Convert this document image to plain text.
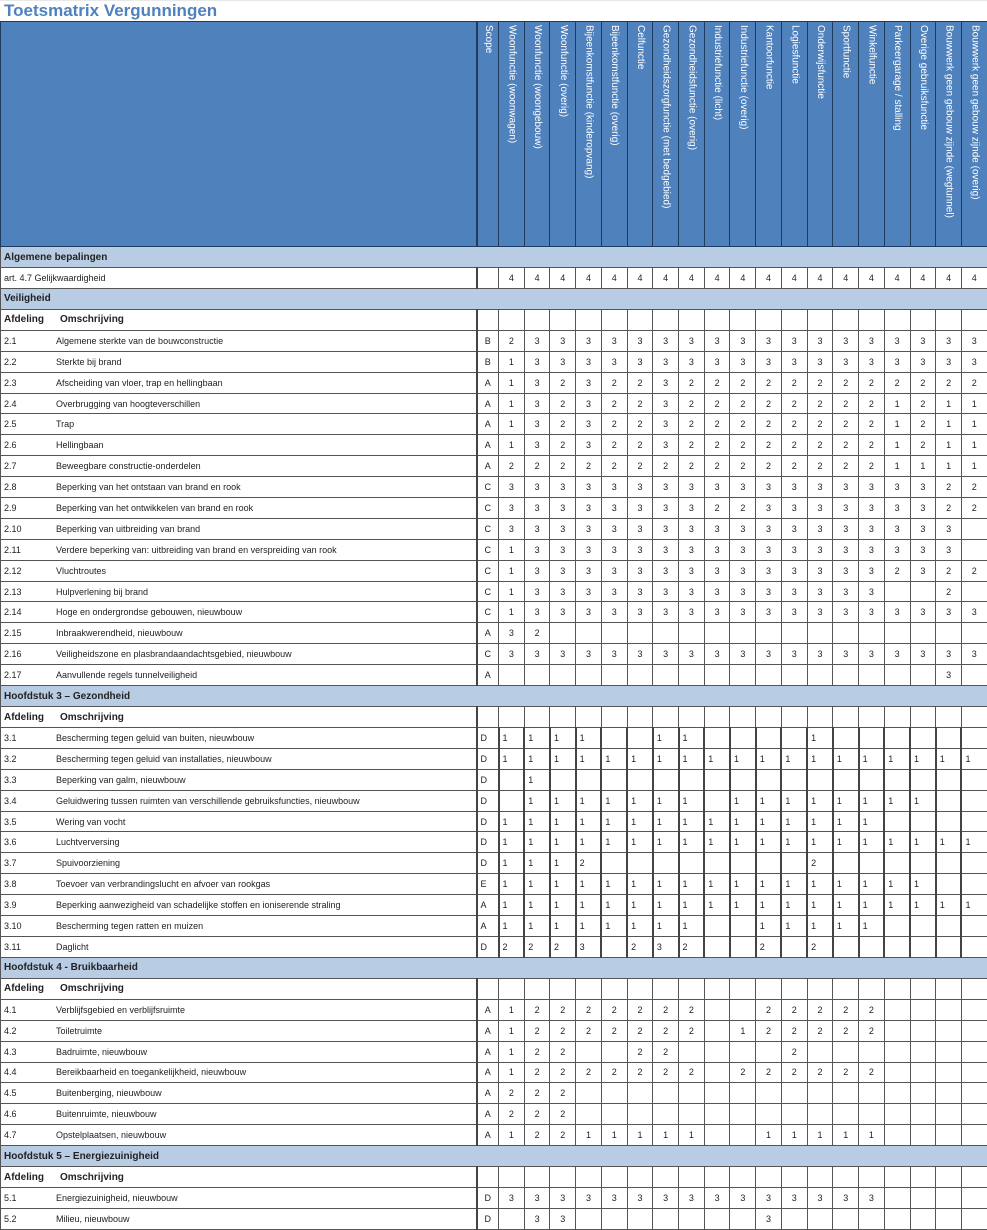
Toetsmatrix Vergunningen

	Scope	Woonfunctie (woonwagen)	Woonfunctie (woongebouw)	Woonfunctie (overig)	Bijeenkomstfunctie (kinderopvang)	Bijeenkomstfunctie (overig)	Celfunctie	Gezondheidszorgfunctie (met bedgebied)	Gezondheidsfunctie (overig)	Industriefunctie (licht)	Industriefunctie (overig)	Kantoorfunctie	Logiesfunctie	Onderwijsfunctie	Sportfunctie	Winkelfunctie	Parkeergarage / stalling	Overige gebruiksfunctie	Bouwwerk geen gebouw zijnde (wegtunnel)	Bouwwerk geen gebouw zijnde (overig)

Algemene bepalingen																				
art. 4.7 Gelijkwaardigheid		4	4	4	4	4	4	4	4	4	4	4	4	4	4	4	4	4	4	4
Veiligheid																				
Afdeling Omschrijving																				
2.1 Algemene sterkte van de bouwconstructie	B	2	3	3	3	3	3	3	3	3	3	3	3	3	3	3	3	3	3	3
2.2 Sterkte bij brand	B	1	3	3	3	3	3	3	3	3	3	3	3	3	3	3	3	3	3	3
2.3 Afscheiding van vloer, trap en hellingbaan	A	1	3	2	3	2	2	3	2	2	2	2	2	2	2	2	2	2	2	2
2.4 Overbrugging van hoogteverschillen	A	1	3	2	3	2	2	3	2	2	2	2	2	2	2	2	1	2	1	1
2.5 Trap	A	1	3	2	3	2	2	3	2	2	2	2	2	2	2	2	1	2	1	1
2.6 Hellingbaan	A	1	3	2	3	2	2	3	2	2	2	2	2	2	2	2	1	2	1	1
2.7 Beweegbare constructie-onderdelen	A	2	2	2	2	2	2	2	2	2	2	2	2	2	2	2	1	1	1	1
2.8 Beperking van het ontstaan van brand en rook	C	3	3	3	3	3	3	3	3	3	3	3	3	3	3	3	3	3	2	2
2.9 Beperking van het ontwikkelen van brand en rook	C	3	3	3	3	3	3	3	3	2	2	3	3	3	3	3	3	3	2	2
2.10 Beperking van uitbreiding van brand	C	3	3	3	3	3	3	3	3	3	3	3	3	3	3	3	3	3	3	
2.11 Verdere beperking van: uitbreiding van brand en verspreiding van rook	C	1	3	3	3	3	3	3	3	3	3	3	3	3	3	3	3	3	3	
2.12 Vluchtroutes	C	1	3	3	3	3	3	3	3	3	3	3	3	3	3	3	2	3	2	2
2.13 Hulpverlening bij brand	C	1	3	3	3	3	3	3	3	3	3	3	3	3	3	3			2	
2.14 Hoge en ondergrondse gebouwen, nieuwbouw	C	1	3	3	3	3	3	3	3	3	3	3	3	3	3	3	3	3	3	3
2.15 Inbraakwerendheid, nieuwbouw	A	3	2																	
2.16 Veiligheidszone en plasbrandaandachtsgebied, nieuwbouw	C	3	3	3	3	3	3	3	3	3	3	3	3	3	3	3	3	3	3	3
2.17 Aanvullende regels tunnelveiligheid	A																		3	
Hoofdstuk 3 – Gezondheid																				
Afdeling Omschrijving																				
3.1 Bescherming tegen geluid van buiten, nieuwbouw	D	1	1	1	1			1	1					1						
3.2 Bescherming tegen geluid van installaties, nieuwbouw	D	1	1	1	1	1	1	1	1	1	1	1	1	1	1	1	1	1	1	1
3.3 Beperking van galm, nieuwbouw	D		1																	
3.4 Geluidwering tussen ruimten van verschillende gebruiksfuncties, nieuwbouw	D		1	1	1	1	1	1	1		1	1	1	1	1	1	1	1		
3.5 Wering van vocht	D	1	1	1	1	1	1	1	1	1	1	1	1	1	1	1				
3.6 Luchtverversing	D	1	1	1	1	1	1	1	1	1	1	1	1	1	1	1	1	1	1	1
3.7 Spuivoorziening	D	1	1	1	2									2						
3.8 Toevoer van verbrandingslucht en afvoer van rookgas	E	1	1	1	1	1	1	1	1	1	1	1	1	1	1	1	1	1		
3.9 Beperking aanwezigheid van schadelijke stoffen en ioniserende straling	A	1	1	1	1	1	1	1	1	1	1	1	1	1	1	1	1	1	1	1
3.10 Bescherming tegen ratten en muizen	A	1	1	1	1	1	1	1	1			1	1	1	1	1				
3.11 Daglicht	D	2	2	2	3		2	3	2			2		2						
Hoofdstuk 4 - Bruikbaarheid																				
Afdeling Omschrijving																				
4.1 Verblijfsgebied en verblijfsruimte	A	1	2	2	2	2	2	2	2			2	2	2	2	2				
4.2 Toiletruimte	A	1	2	2	2	2	2	2	2		1	2	2	2	2	2				
4.3 Badruimte, nieuwbouw	A	1	2	2			2	2					2							
4.4 Bereikbaarheid en toegankelijkheid, nieuwbouw	A	1	2	2	2	2	2	2	2		2	2	2	2	2	2				
4.5 Buitenberging, nieuwbouw	A	2	2	2																
4.6 Buitenruimte, nieuwbouw	A	2	2	2																
4.7 Opstelplaatsen, nieuwbouw	A	1	2	2	1	1	1	1	1			1	1	1	1	1				
Hoofdstuk 5 – Energiezuinigheid																				
Afdeling Omschrijving																				
5.1 Energiezuinigheid, nieuwbouw	D	3	3	3	3	3	3	3	3	3	3	3	3	3	3	3				
5.2 Milieu, nieuwbouw	D		3	3								3								
